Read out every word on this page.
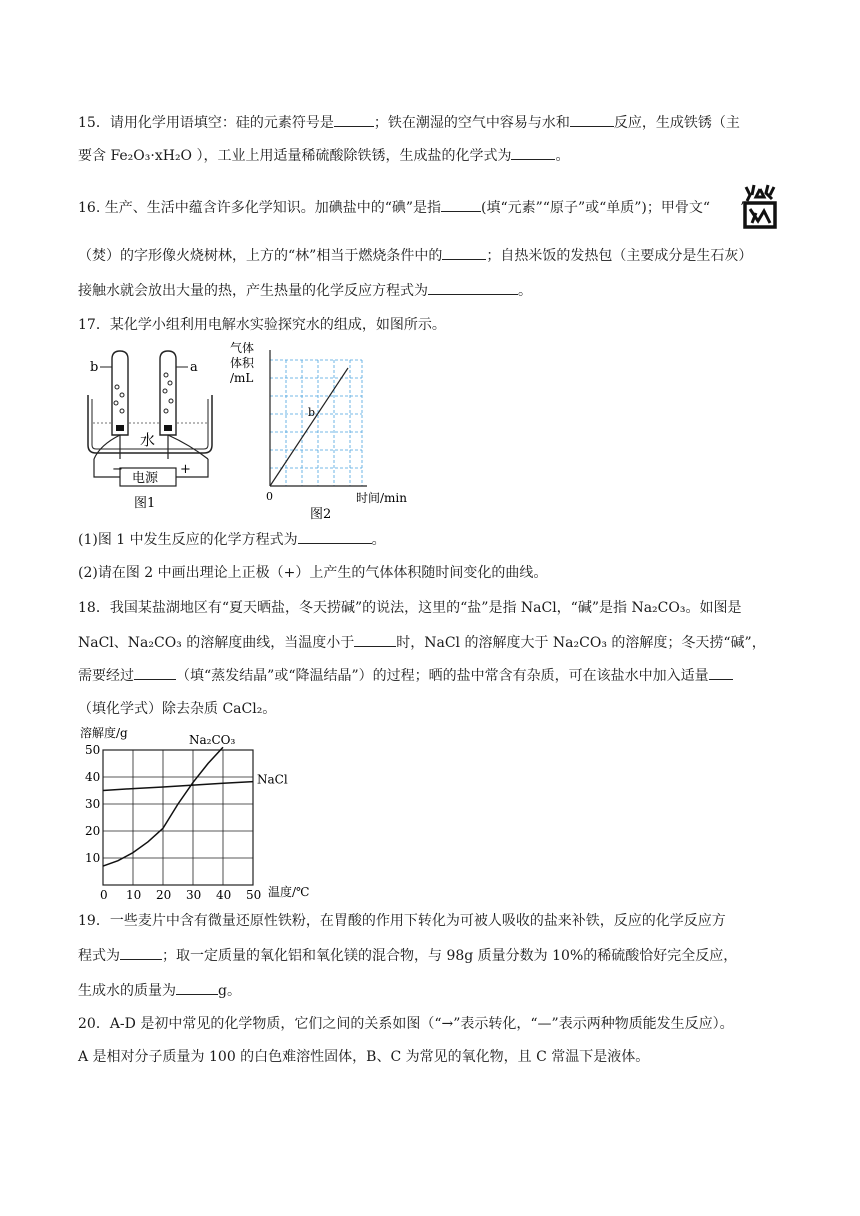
15．请用化学用语填空：硅的元素符号是	；铁在潮湿的空气中容易与水和	反应，生成铁锈（主
要含 Fe₂O₃·xH₂O ），工业上用适量稀硫酸除铁锈，生成盐的化学式为	。
16. 生产、生活中蕴含许多化学知识。加碘盐中的“碘”是指	(填“元素”“原子”或“单质”)；甲骨文“ ”
（焚）的字形像火烧树林，上方的“林”相当于燃烧条件中的	；自热米饭的发热包（主要成分是生石灰）
接触水就会放出大量的热，产生热量的化学反应方程式为	。
17．某化学小组利用电解水实验探究水的组成，如图所示。
b	a
水
电源
−	+
图1
b
气体
体积
/mL
0	时间/min
图2
(1)图 1 中发生反应的化学方程式为	。
(2)请在图 2 中画出理论上正极（+）上产生的气体体积随时间变化的曲线。
18．我国某盐湖地区有“夏天晒盐，冬天捞碱”的说法，这里的“盐”是指 NaCl，“碱”是指 Na₂CO₃。如图是
NaCl、Na₂CO₃ 的溶解度曲线，当温度小于	时，NaCl 的溶解度大于 Na₂CO₃ 的溶解度；冬天捞“碱”，
需要经过	（填“蒸发结晶”或“降温结晶”）的过程；晒的盐中常含有杂质，可在该盐水中加入适量
（填化学式）除去杂质 CaCl₂。
0 10 20 30 40 50
10
20
30
40
50
Na₂CO₃
NaCl
溶解度/g
温度/℃
19．一些麦片中含有微量还原性铁粉，在胃酸的作用下转化为可被人吸收的盐来补铁，反应的化学反应方
程式为	；取一定质量的氧化铝和氧化镁的混合物，与 98g 质量分数为 10%的稀硫酸恰好完全反应，
生成水的质量为	g。
20．A-D 是初中常见的化学物质，它们之间的关系如图（“→”表示转化，“—”表示两种物质能发生反应）。
A 是相对分子质量为 100 的白色难溶性固体，B、C 为常见的氧化物，且 C 常温下是液体。
